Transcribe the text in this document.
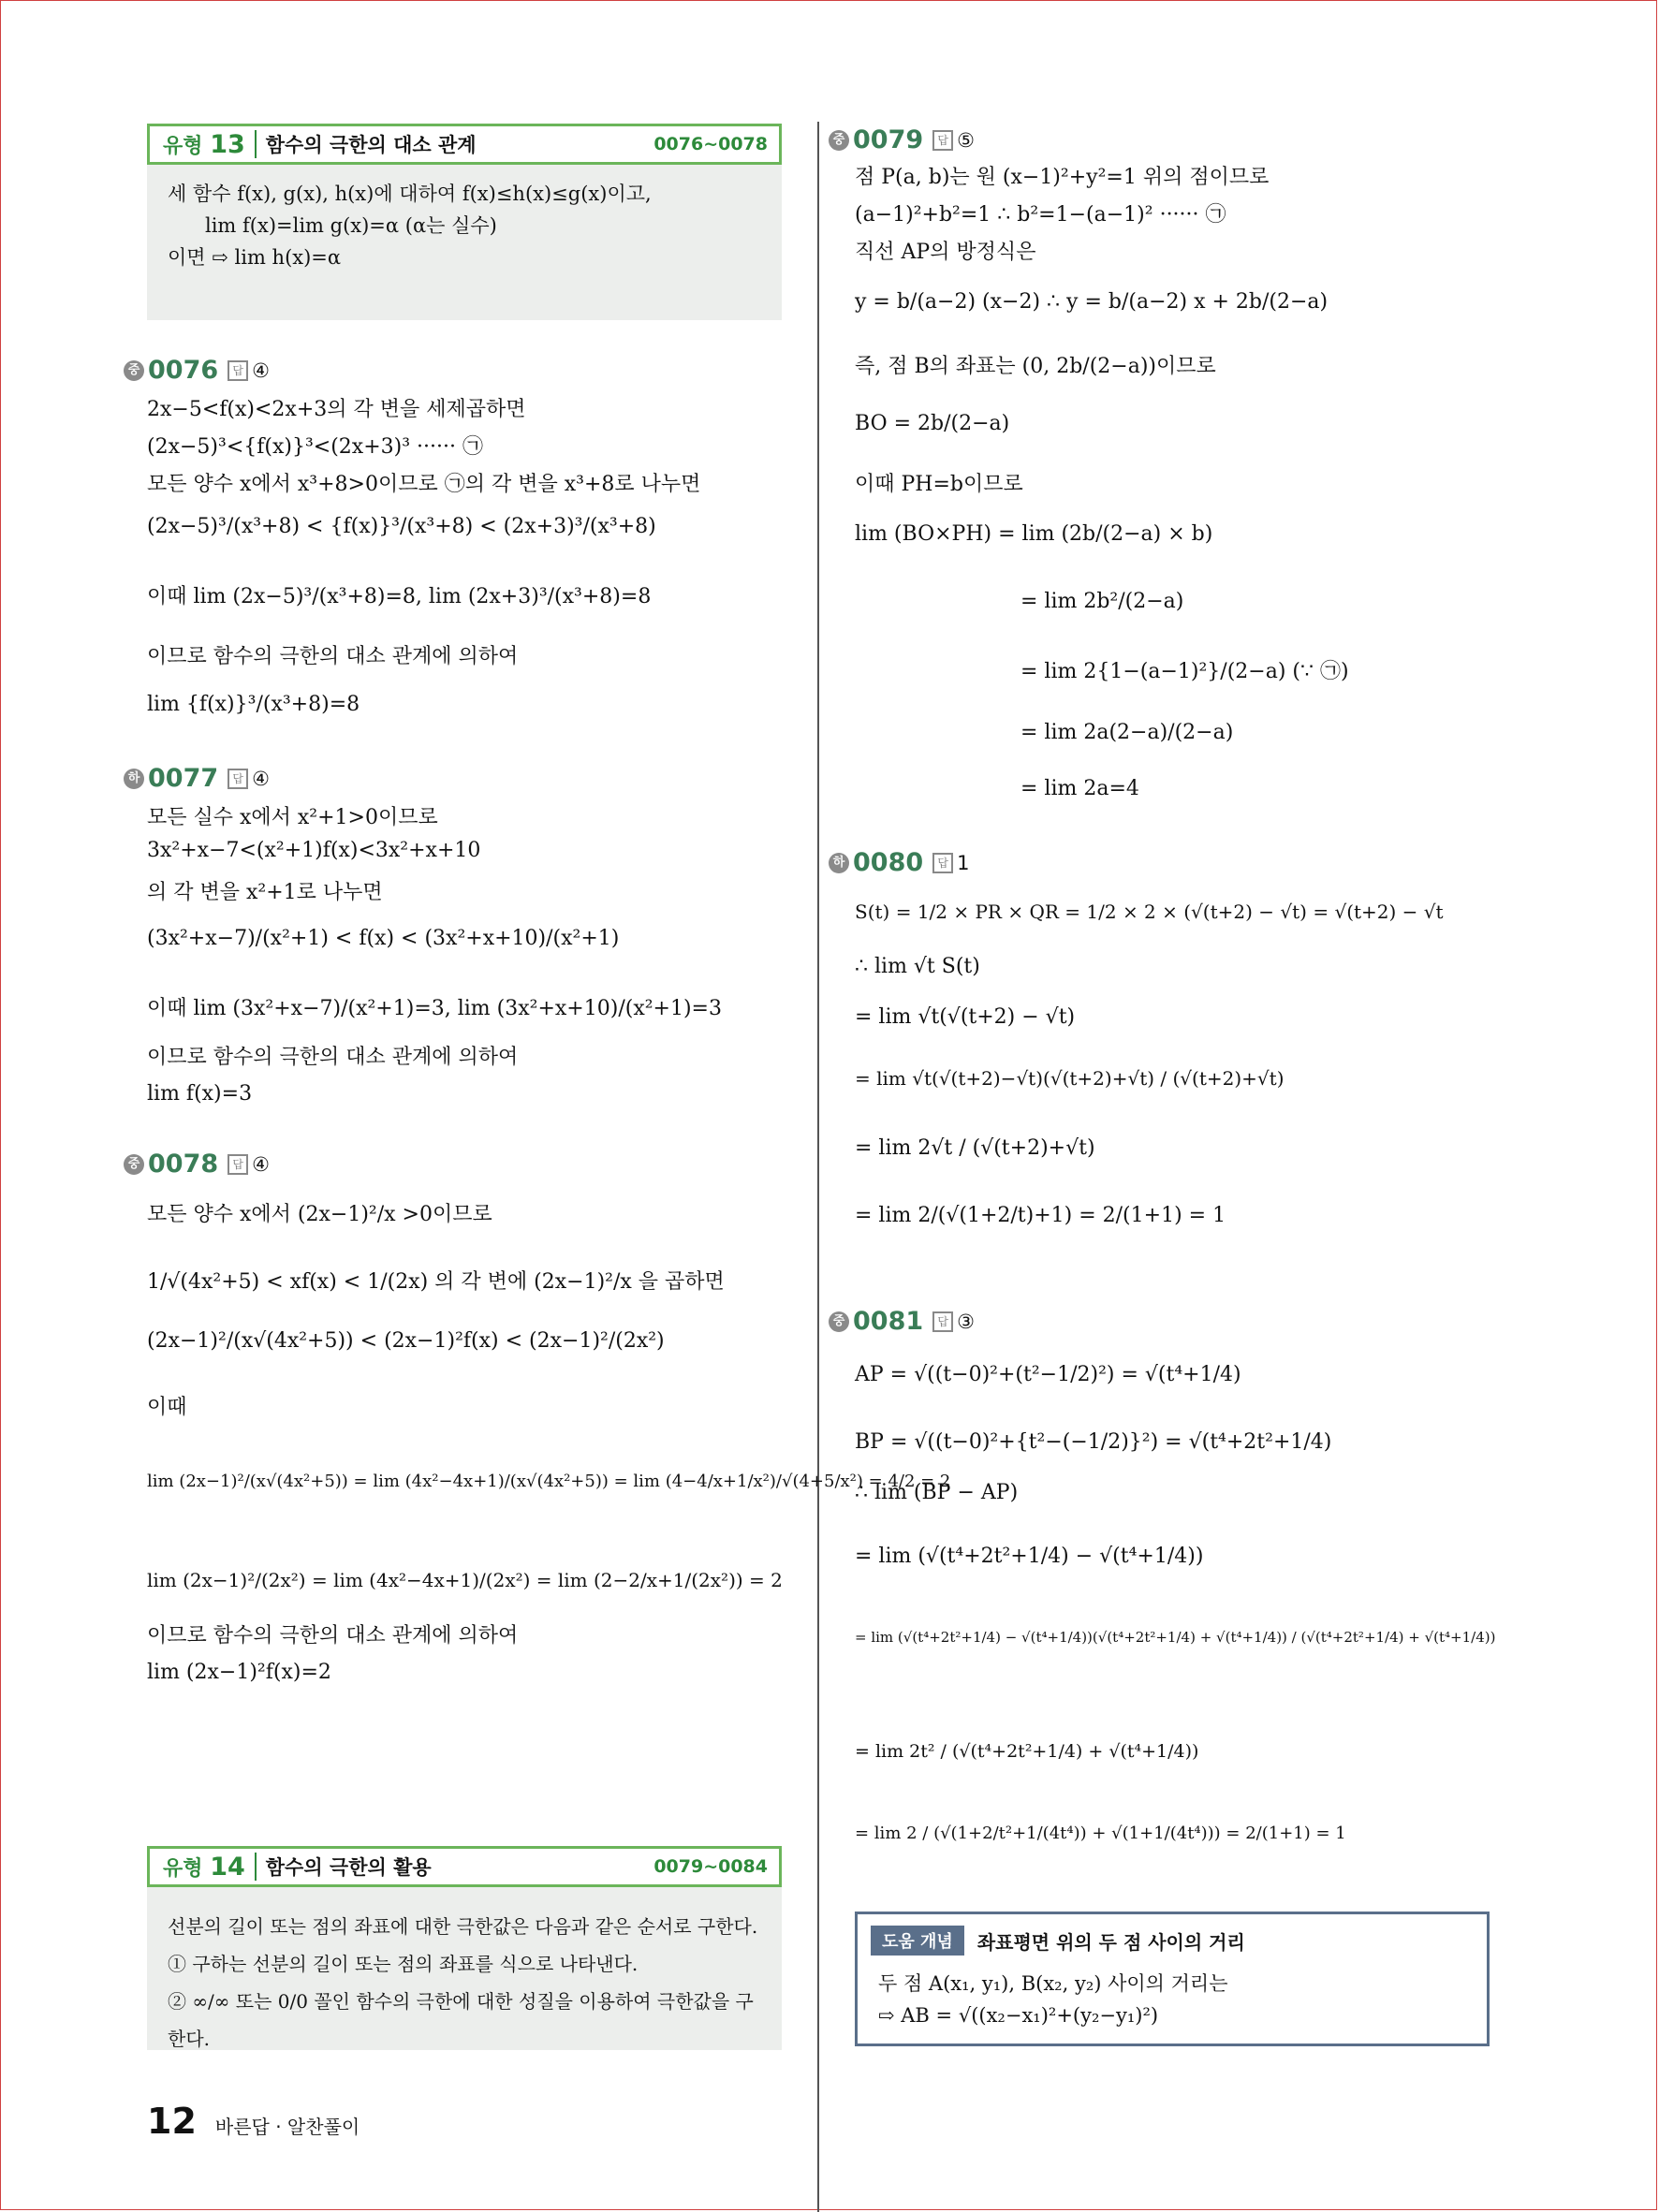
유형 13	함수의 극한의 대소 관계	0076~0078
세 함수 f(x), g(x), h(x)에 대하여 f(x)≤h(x)≤g(x)이고,
lim f(x)=lim g(x)=α (α는 실수)
이면 ⇨ lim h(x)=α
중 0076	답 ④
2x−5<f(x)<2x+3의 각 변을 세제곱하면
(2x−5)³<{f(x)}³<(2x+3)³ ······ ㉠
모든 양수 x에서 x³+8>0이므로 ㉠의 각 변을 x³+8로 나누면
(2x−5)³/(x³+8) < {f(x)}³/(x³+8) < (2x+3)³/(x³+8)
이때 lim (2x−5)³/(x³+8)=8, lim (2x+3)³/(x³+8)=8
이므로 함수의 극한의 대소 관계에 의하여
lim {f(x)}³/(x³+8)=8
하 0077	답 ④
모든 실수 x에서 x²+1>0이므로
3x²+x−7<(x²+1)f(x)<3x²+x+10
의 각 변을 x²+1로 나누면
(3x²+x−7)/(x²+1) < f(x) < (3x²+x+10)/(x²+1)
이때 lim (3x²+x−7)/(x²+1)=3, lim (3x²+x+10)/(x²+1)=3
이므로 함수의 극한의 대소 관계에 의하여
lim f(x)=3
중 0078	답 ④
모든 양수 x에서 (2x−1)²/x >0이므로
1/√(4x²+5) < xf(x) < 1/(2x) 의 각 변에 (2x−1)²/x 을 곱하면
(2x−1)²/(x√(4x²+5)) < (2x−1)²f(x) < (2x−1)²/(2x²)
이때
lim (2x−1)²/(x√(4x²+5)) = lim (4x²−4x+1)/(x√(4x²+5)) = lim (4−4/x+1/x²)/√(4+5/x²) = 4/2 = 2
lim (2x−1)²/(2x²) = lim (4x²−4x+1)/(2x²) = lim (2−2/x+1/(2x²)) = 2
이므로 함수의 극한의 대소 관계에 의하여
lim (2x−1)²f(x)=2
유형 14	함수의 극한의 활용	0079~0084
선분의 길이 또는 점의 좌표에 대한 극한값은 다음과 같은 순서로 구한다.
① 구하는 선분의 길이 또는 점의 좌표를 식으로 나타낸다.
② ∞/∞ 또는 0/0 꼴인 함수의 극한에 대한 성질을 이용하여 극한값을 구한다.
중 0079	답 ⑤
점 P(a, b)는 원 (x−1)²+y²=1 위의 점이므로
(a−1)²+b²=1 ∴ b²=1−(a−1)² ······ ㉠
직선 AP의 방정식은
y = b/(a−2) (x−2) ∴ y = b/(a−2) x + 2b/(2−a)
즉, 점 B의 좌표는 (0, 2b/(2−a))이므로
BO = 2b/(2−a)
이때 PH=b이므로
lim (BO×PH) = lim (2b/(2−a) × b)
= lim 2b²/(2−a)
= lim 2{1−(a−1)²}/(2−a) (∵ ㉠)
= lim 2a(2−a)/(2−a)
= lim 2a=4
하 0080	답 1
S(t) = 1/2 × PR × QR = 1/2 × 2 × (√(t+2) − √t) = √(t+2) − √t
∴ lim √t S(t)
= lim √t(√(t+2) − √t)
= lim √t(√(t+2)−√t)(√(t+2)+√t) / (√(t+2)+√t)
= lim 2√t / (√(t+2)+√t)
= lim 2/(√(1+2/t)+1) = 2/(1+1) = 1
중 0081	답 ③
AP = √((t−0)²+(t²−1/2)²) = √(t⁴+1/4)
BP = √((t−0)²+{t²−(−1/2)}²) = √(t⁴+2t²+1/4)
∴ lim (BP − AP)
= lim (√(t⁴+2t²+1/4) − √(t⁴+1/4))
= lim (√(t⁴+2t²+1/4) − √(t⁴+1/4))(√(t⁴+2t²+1/4) + √(t⁴+1/4)) / (√(t⁴+2t²+1/4) + √(t⁴+1/4))
= lim 2t² / (√(t⁴+2t²+1/4) + √(t⁴+1/4))
= lim 2 / (√(1+2/t²+1/(4t⁴)) + √(1+1/(4t⁴))) = 2/(1+1) = 1
도움 개념	좌표평면 위의 두 점 사이의 거리
두 점 A(x₁, y₁), B(x₂, y₂) 사이의 거리는
⇨ AB = √((x₂−x₁)²+(y₂−y₁)²)
12 바른답 · 알찬풀이
